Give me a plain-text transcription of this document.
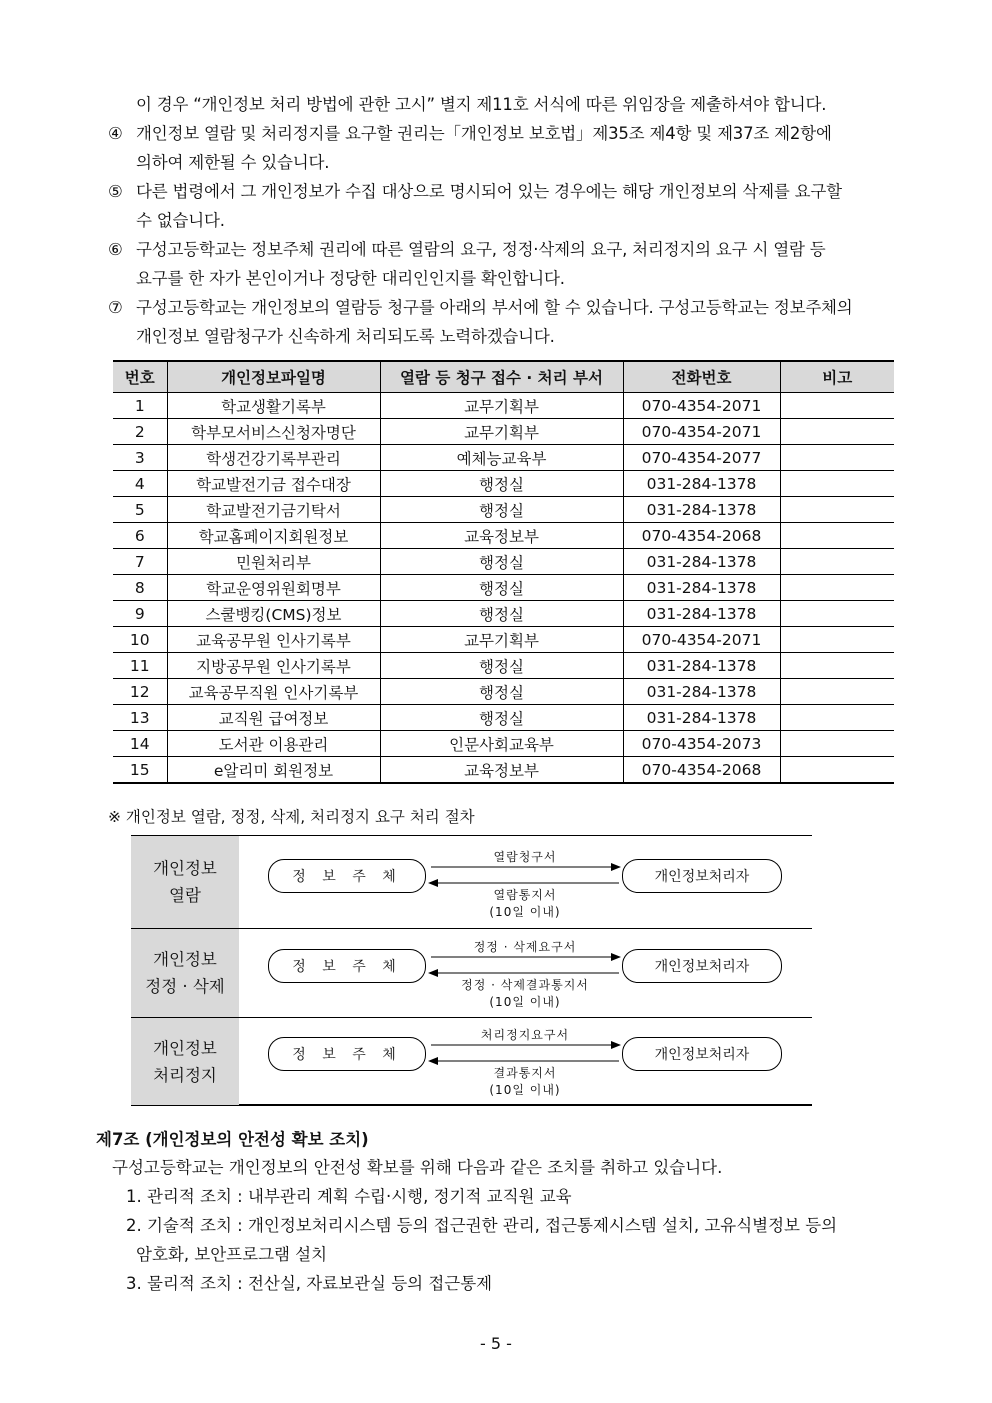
이 경우 “개인정보 처리 방법에 관한 고시” 별지 제11호 서식에 따른 위임장을 제출하셔야 합니다.
④ 개인정보 열람 및 처리정지를 요구할 권리는「개인정보 보호법」제35조 제4항 및 제37조 제2항에
의하여 제한될 수 있습니다.
⑤ 다른 법령에서 그 개인정보가 수집 대상으로 명시되어 있는 경우에는 해당 개인정보의 삭제를 요구할
수 없습니다.
⑥ 구성고등학교는 정보주체 권리에 따른 열람의 요구, 정정·삭제의 요구, 처리정지의 요구 시 열람 등
요구를 한 자가 본인이거나 정당한 대리인인지를 확인합니다.
⑦ 구성고등학교는 개인정보의 열람등 청구를 아래의 부서에 할 수 있습니다. 구성고등학교는 정보주체의
개인정보 열람청구가 신속하게 처리되도록 노력하겠습니다.
번호	개인정보파일명	열람 등 청구 접수 · 처리 부서	전화번호	비고
1	학교생활기록부	교무기획부	070-4354-2071	
2	학부모서비스신청자명단	교무기획부	070-4354-2071	
3	학생건강기록부관리	예체능교육부	070-4354-2077	
4	학교발전기금 접수대장	행정실	031-284-1378	
5	학교발전기금기탁서	행정실	031-284-1378	
6	학교홈페이지회원정보	교육정보부	070-4354-2068	
7	민원처리부	행정실	031-284-1378	
8	학교운영위원회명부	행정실	031-284-1378	
9	스쿨뱅킹(CMS)정보	행정실	031-284-1378	
10	교육공무원 인사기록부	교무기획부	070-4354-2071	
11	지방공무원 인사기록부	행정실	031-284-1378	
12	교육공무직원 인사기록부	행정실	031-284-1378	
13	교직원 급여정보	행정실	031-284-1378	
14	도서관 이용관리	인문사회교육부	070-4354-2073	
15	e알리미 회원정보	교육정보부	070-4354-2068	
※ 개인정보 열람, 정정, 삭제, 처리정지 요구 처리 절차
개인정보
열람
정 보 주 체	개인정보처리자
열람청구서
열람통지서
(10일 이내)
개인정보
정정 · 삭제
정 보 주 체	개인정보처리자
정정 · 삭제요구서
정정 · 삭제결과통지서
(10일 이내)
개인정보
처리정지
정 보 주 체	개인정보처리자
처리정지요구서
결과통지서
(10일 이내)
제7조 (개인정보의 안전성 확보 조치)
구성고등학교는 개인정보의 안전성 확보를 위해 다음과 같은 조치를 취하고 있습니다.
1. 관리적 조치 : 내부관리 계획 수립·시행, 정기적 교직원 교육
2. 기술적 조치 : 개인정보처리시스템 등의 접근권한 관리, 접근통제시스템 설치, 고유식별정보 등의
암호화, 보안프로그램 설치
3. 물리적 조치 : 전산실, 자료보관실 등의 접근통제
- 5 -
